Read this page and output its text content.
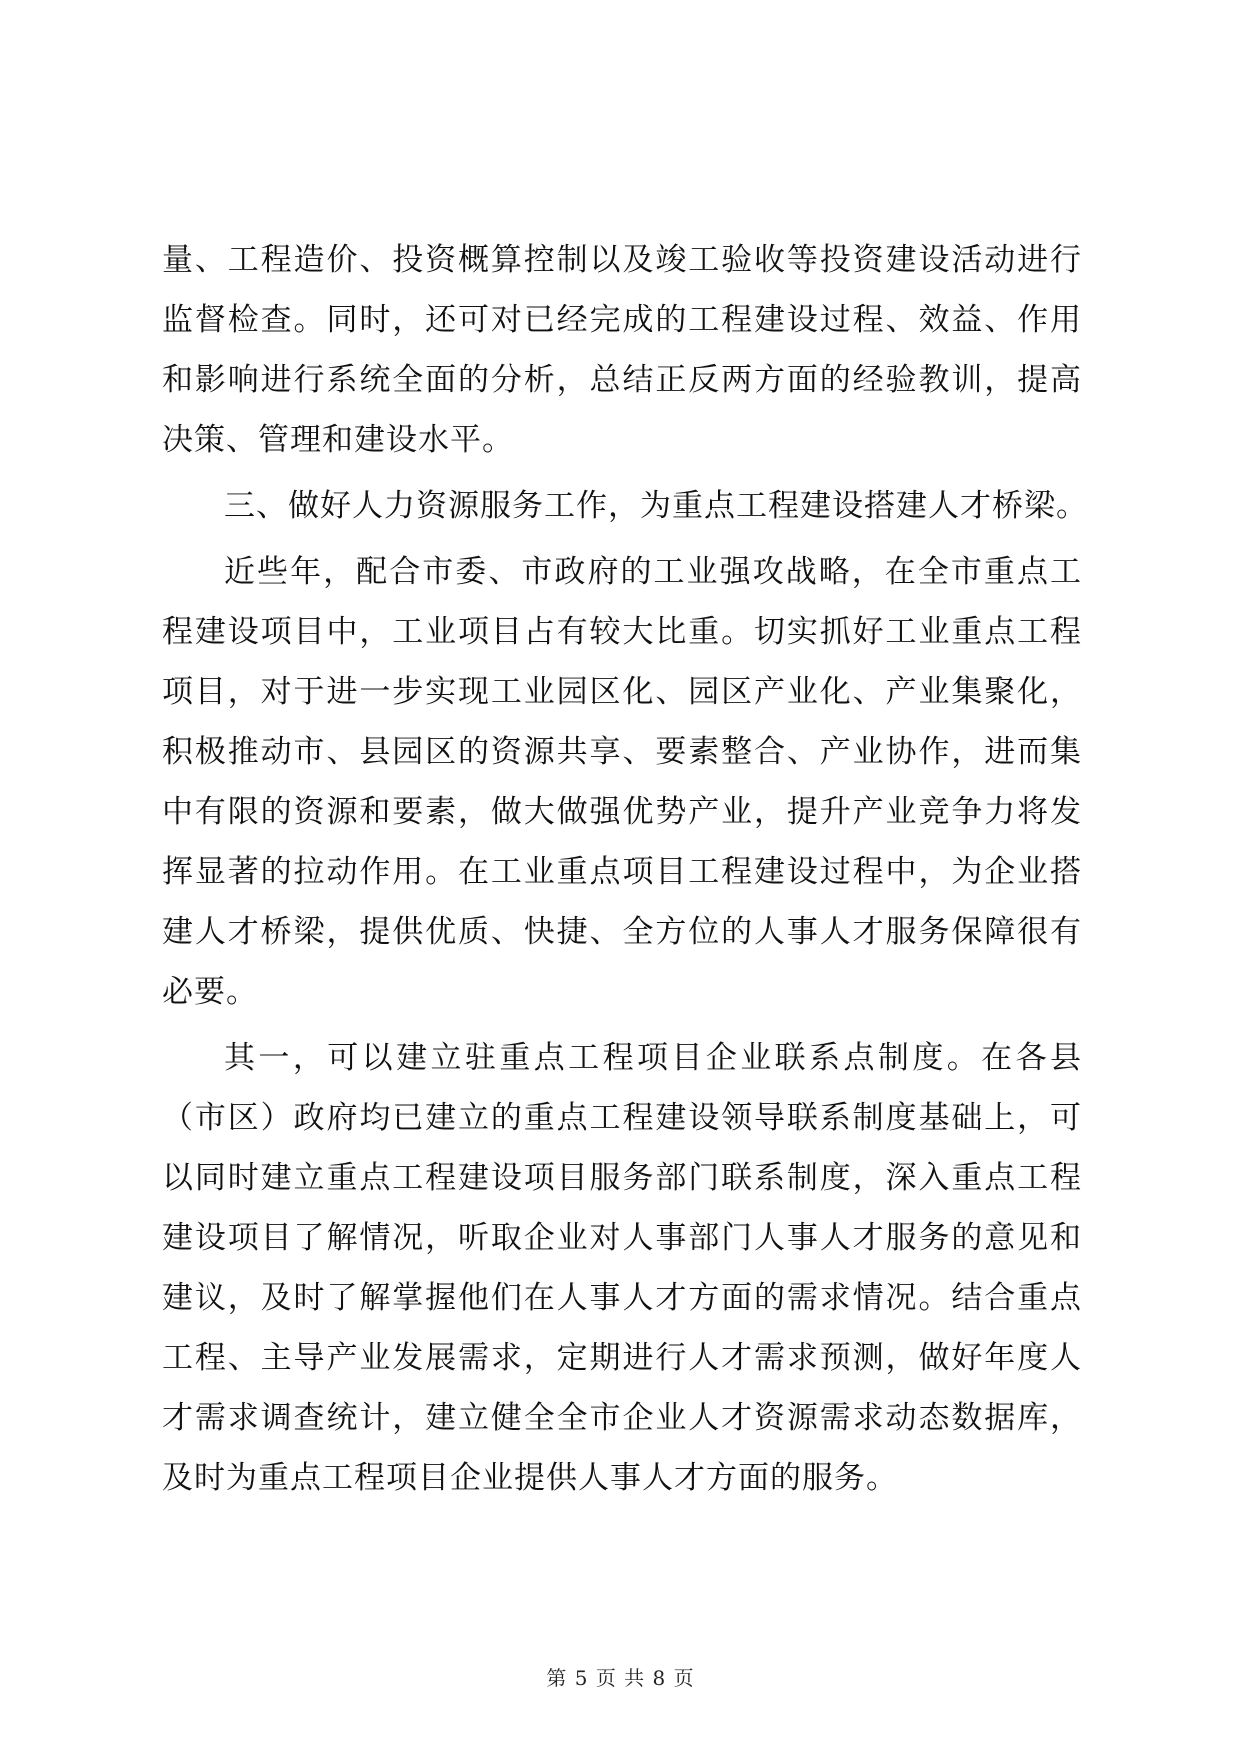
量、工程造价、投资概算控制以及竣工验收等投资建设活动进行
监督检查。同时，还可对已经完成的工程建设过程、效益、作用
和影响进行系统全面的分析，总结正反两方面的经验教训，提高
决策、管理和建设水平。
三、做好人力资源服务工作，为重点工程建设搭建人才桥梁。
近些年，配合市委、市政府的工业强攻战略，在全市重点工
程建设项目中，工业项目占有较大比重。切实抓好工业重点工程
项目，对于进一步实现工业园区化、园区产业化、产业集聚化，
积极推动市、县园区的资源共享、要素整合、产业协作，进而集
中有限的资源和要素，做大做强优势产业，提升产业竞争力将发
挥显著的拉动作用。在工业重点项目工程建设过程中，为企业搭
建人才桥梁，提供优质、快捷、全方位的人事人才服务保障很有
必要。
其一，可以建立驻重点工程项目企业联系点制度。在各县
（市区）政府均已建立的重点工程建设领导联系制度基础上，可
以同时建立重点工程建设项目服务部门联系制度，深入重点工程
建设项目了解情况，听取企业对人事部门人事人才服务的意见和
建议，及时了解掌握他们在人事人才方面的需求情况。结合重点
工程、主导产业发展需求，定期进行人才需求预测，做好年度人
才需求调查统计，建立健全全市企业人才资源需求动态数据库，
及时为重点工程项目企业提供人事人才方面的服务。
第 5 页 共 8 页
